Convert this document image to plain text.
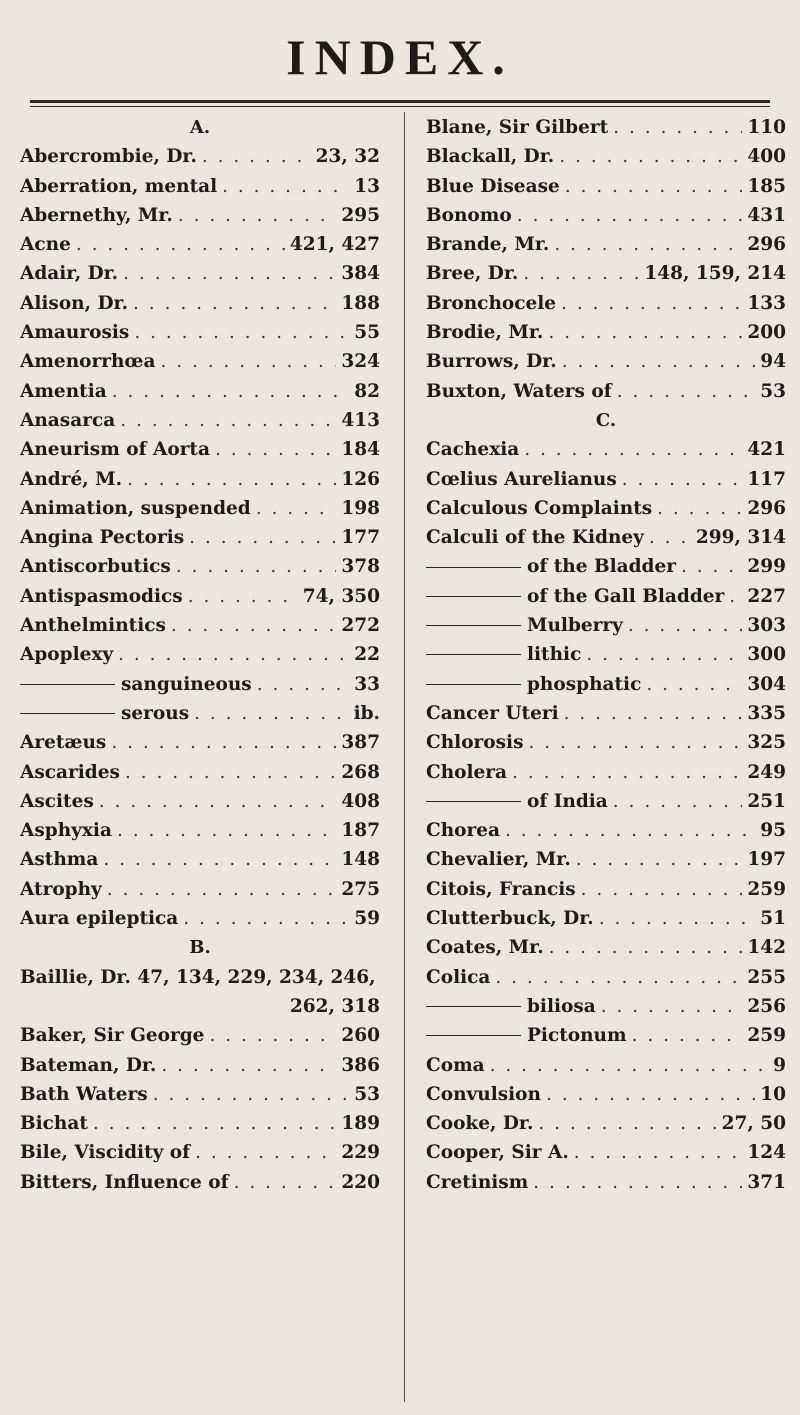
INDEX.
A.
Abercrombie, Dr. . . .	23, 32
Aberration, mental . . .	13
Abernethy, Mr. . . .	295
Acne . . .	421, 427
Adair, Dr. . . .	384
Alison, Dr. . . .	188
Amaurosis . . .	55
Amenorrhœa . . .	324
Amentia . . .	82
Anasarca . . .	413
Aneurism of Aorta . . .	184
André, M. . . .	126
Animation, suspended . . .	198
Angina Pectoris . . .	177
Antiscorbutics . . .	378
Antispasmodics . . .	74, 350
Anthelmintics . . .	272
Apoplexy . . .	22
sanguineous . . .	33
serous . . .	ib.
Aretæus . . .	387
Ascarides . . .	268
Ascites . . .	408
Asphyxia . . .	187
Asthma . . .	148
Atrophy . . .	275
Aura epileptica . . .	59
B.
Baillie, Dr. 47, 134, 229, 234, 246,
262, 318
Baker, Sir George . . .	260
Bateman, Dr. . . .	386
Bath Waters . . .	53
Bichat . . .	189
Bile, Viscidity of . . .	229
Bitters, Influence of . . .	220
Blane, Sir Gilbert . . .	110
Blackall, Dr. . . .	400
Blue Disease . . .	185
Bonomo . . .	431
Brande, Mr. . . .	296
Bree, Dr. . . .	148, 159, 214
Bronchocele . . .	133
Brodie, Mr. . . .	200
Burrows, Dr. . . .	94
Buxton, Waters of . . .	53
C.
Cachexia . . .	421
Cœlius Aurelianus . . .	117
Calculous Complaints . . .	296
Calculi of the Kidney . . .	299, 314
of the Bladder . . .	299
of the Gall Bladder . . . 227
Mulberry . . .	303
lithic . . .	300
phosphatic . . .	304
Cancer Uteri . . .	335
Chlorosis . . .	325
Cholera . . .	249
of India . . .	251
Chorea . . .	95
Chevalier, Mr. . . .	197
Citois, Francis . . .	259
Clutterbuck, Dr. . . .	51
Coates, Mr. . . .	142
Colica . . .	255
biliosa . . .	256
Pictonum . . .	259
Coma . . .	9
Convulsion . . .	10
Cooke, Dr. . . .	27, 50
Cooper, Sir A. . . .	124
Cretinism . . .	371
